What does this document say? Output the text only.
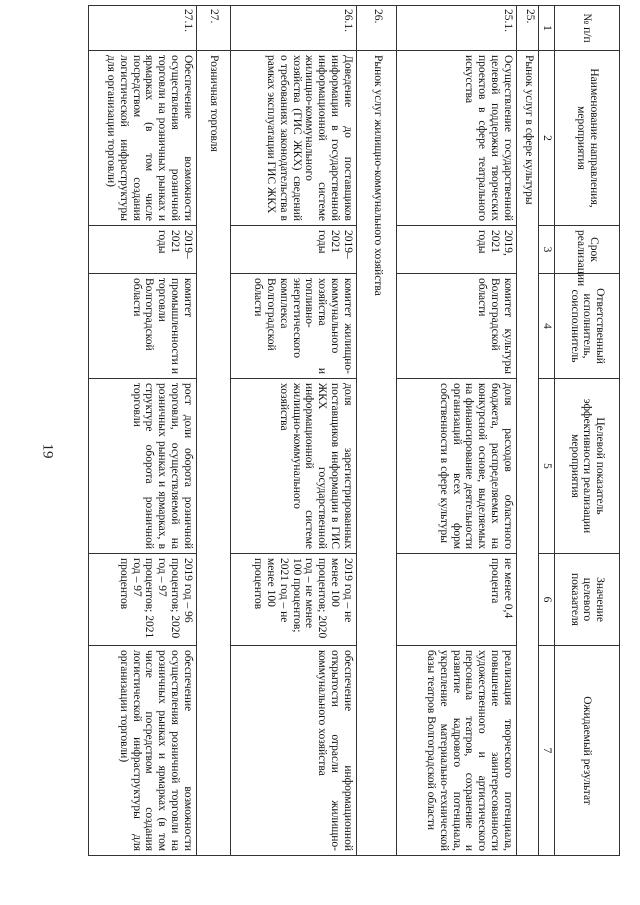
19
№ п/п	Наименование направления, мероприятия	Срок реализации	Ответственный исполнитель, соисполнитель	Целевой показатель эффективности реализации мероприятия	Значение целевого показателя	Ожидаемый результат
1	2	3	4	5	6	7
25.	Рынок услуг в сфере культуры					
25.1.	Осуществление государственной целевой поддержки творческих проектов в сфере театрального искусства	2019, 2021 годы	комитет культуры Волгоградской области	доля расходов областного бюджета, распределяемых на конкурсной основе, выделяемых на финансирование деятельности организаций всех форм собственности в сфере культуры	не менее 0,4 процента	реализация творческого потенциала, повышение заинтересованности художественного и артистического персонала театров, сохранение и развитие кадрового потенциала, укрепление материально-технической базы театров Волгоградской области
26.	Рынок услуг жилищно-коммунального хозяйства					
26.1.	Доведение до поставщиков информации в государственной информационной системе жилищно-коммунального хозяйства (ГИС ЖКХ) сведений о требованиях законодательства в рамках эксплуатации ГИС ЖКХ	2019–2021 годы	комитет жилищно-коммунального хозяйства и топливно-энергетического комплекса Волгоградской области	доля зарегистрированных поставщиков информации в ГИС ЖКХ государственной информационной системе жилищно-коммунального хозяйства	2019 год – не менее 100 процентов; 2020 год – не менее 100 процентов; 2021 год – не менее 100 процентов	обеспечение информационной открытости отрасли жилищно-коммунального хозяйства
27.	Розничная торговля					
27.1.	Обеспечение возможности осуществления розничной торговли на розничных рынках и ярмарках (в том числе посредством создания логистической инфраструктуры для организации торговли)	2019–2021 годы	комитет промышленности и торговли Волгоградской области	рост доли оборота розничной торговли, осуществляемой на розничных рынках и ярмарках, в структуре оборота розничной торговли	2019 год – 96 процентов; 2020 год – 97 процентов; 2021 год – 97 процентов	обеспечение возможности осуществления розничной торговли на розничных рынках и ярмарках (в том числе посредством создания логистической инфраструктуры для организации торговли)
